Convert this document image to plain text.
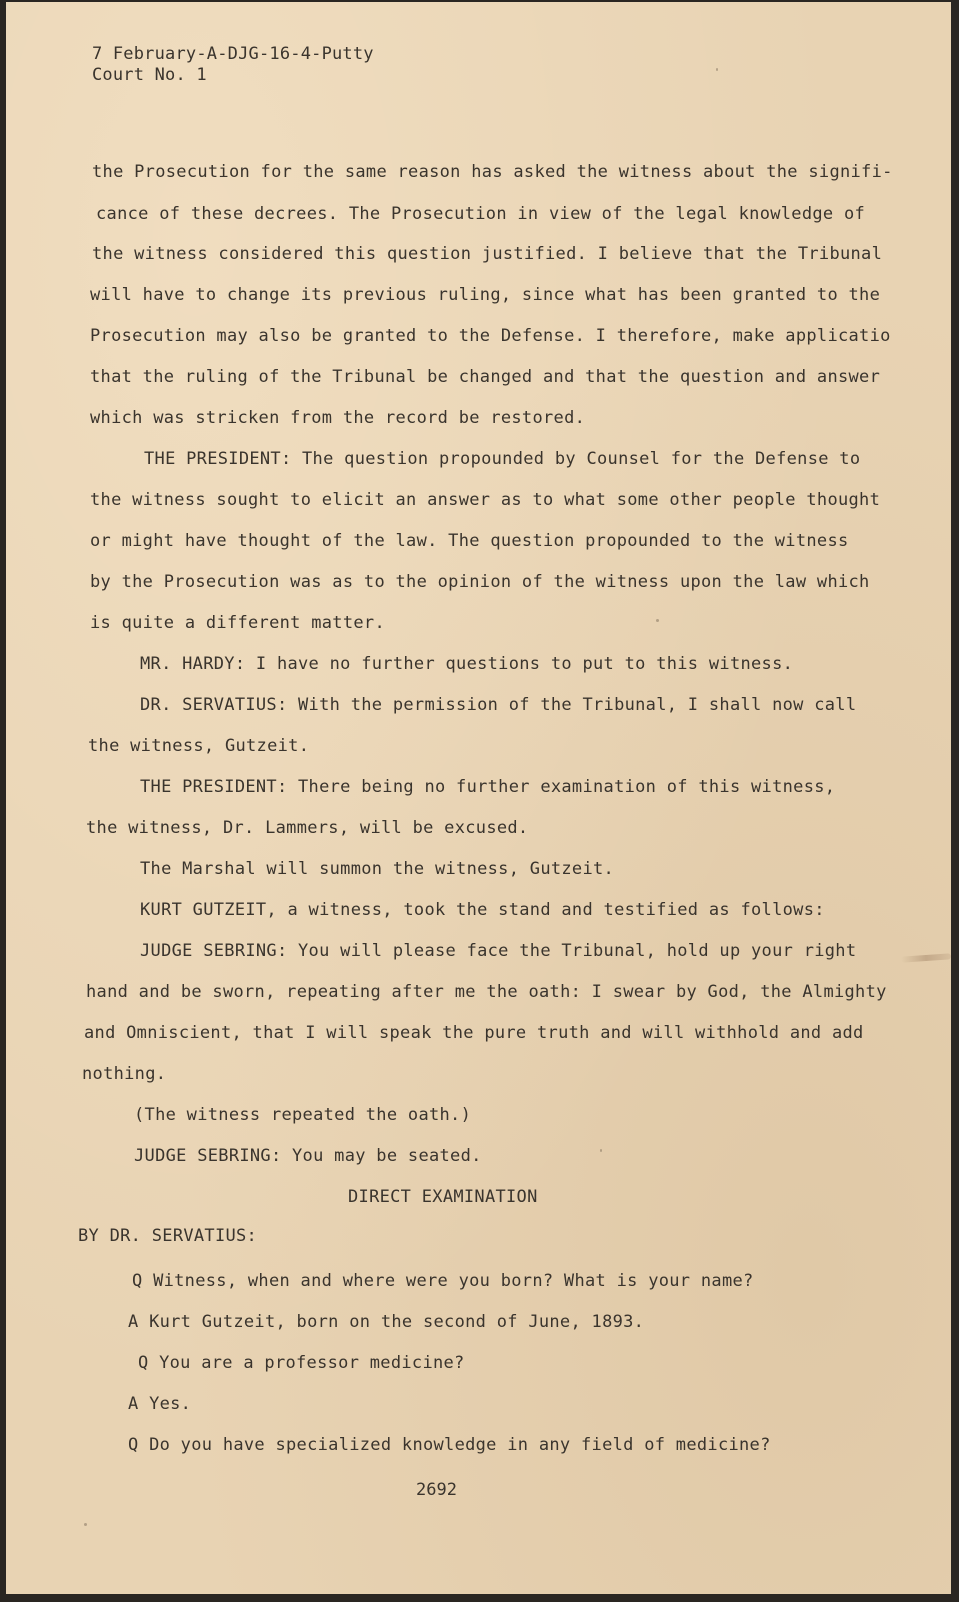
7 February-A-DJG-16-4-Putty
Court No. 1
the Prosecution for the same reason has asked the witness about the signifi-
cance of these decrees. The Prosecution in view of the legal knowledge of
the witness considered this question justified. I believe that the Tribunal
will have to change its previous ruling, since what has been granted to the
Prosecution may also be granted to the Defense. I therefore, make applicatio
that the ruling of the Tribunal be changed and that the question and answer
which was stricken from the record be restored.
THE PRESIDENT: The question propounded by Counsel for the Defense to
the witness sought to elicit an answer as to what some other people thought
or might have thought of the law. The question propounded to the witness
by the Prosecution was as to the opinion of the witness upon the law which
is quite a different matter.
MR. HARDY: I have no further questions to put to this witness.
DR. SERVATIUS: With the permission of the Tribunal, I shall now call
the witness, Gutzeit.
THE PRESIDENT: There being no further examination of this witness,
the witness, Dr. Lammers, will be excused.
The Marshal will summon the witness, Gutzeit.
KURT GUTZEIT, a witness, took the stand and testified as follows:
JUDGE SEBRING: You will please face the Tribunal, hold up your right
hand and be sworn, repeating after me the oath: I swear by God, the Almighty
and Omniscient, that I will speak the pure truth and will withhold and add
nothing.
(The witness repeated the oath.)
JUDGE SEBRING: You may be seated.
DIRECT EXAMINATION
BY DR. SERVATIUS:
Q Witness, when and where were you born? What is your name?
A Kurt Gutzeit, born on the second of June, 1893.
Q You are a professor medicine?
A Yes.
Q Do you have specialized knowledge in any field of medicine?
2692
